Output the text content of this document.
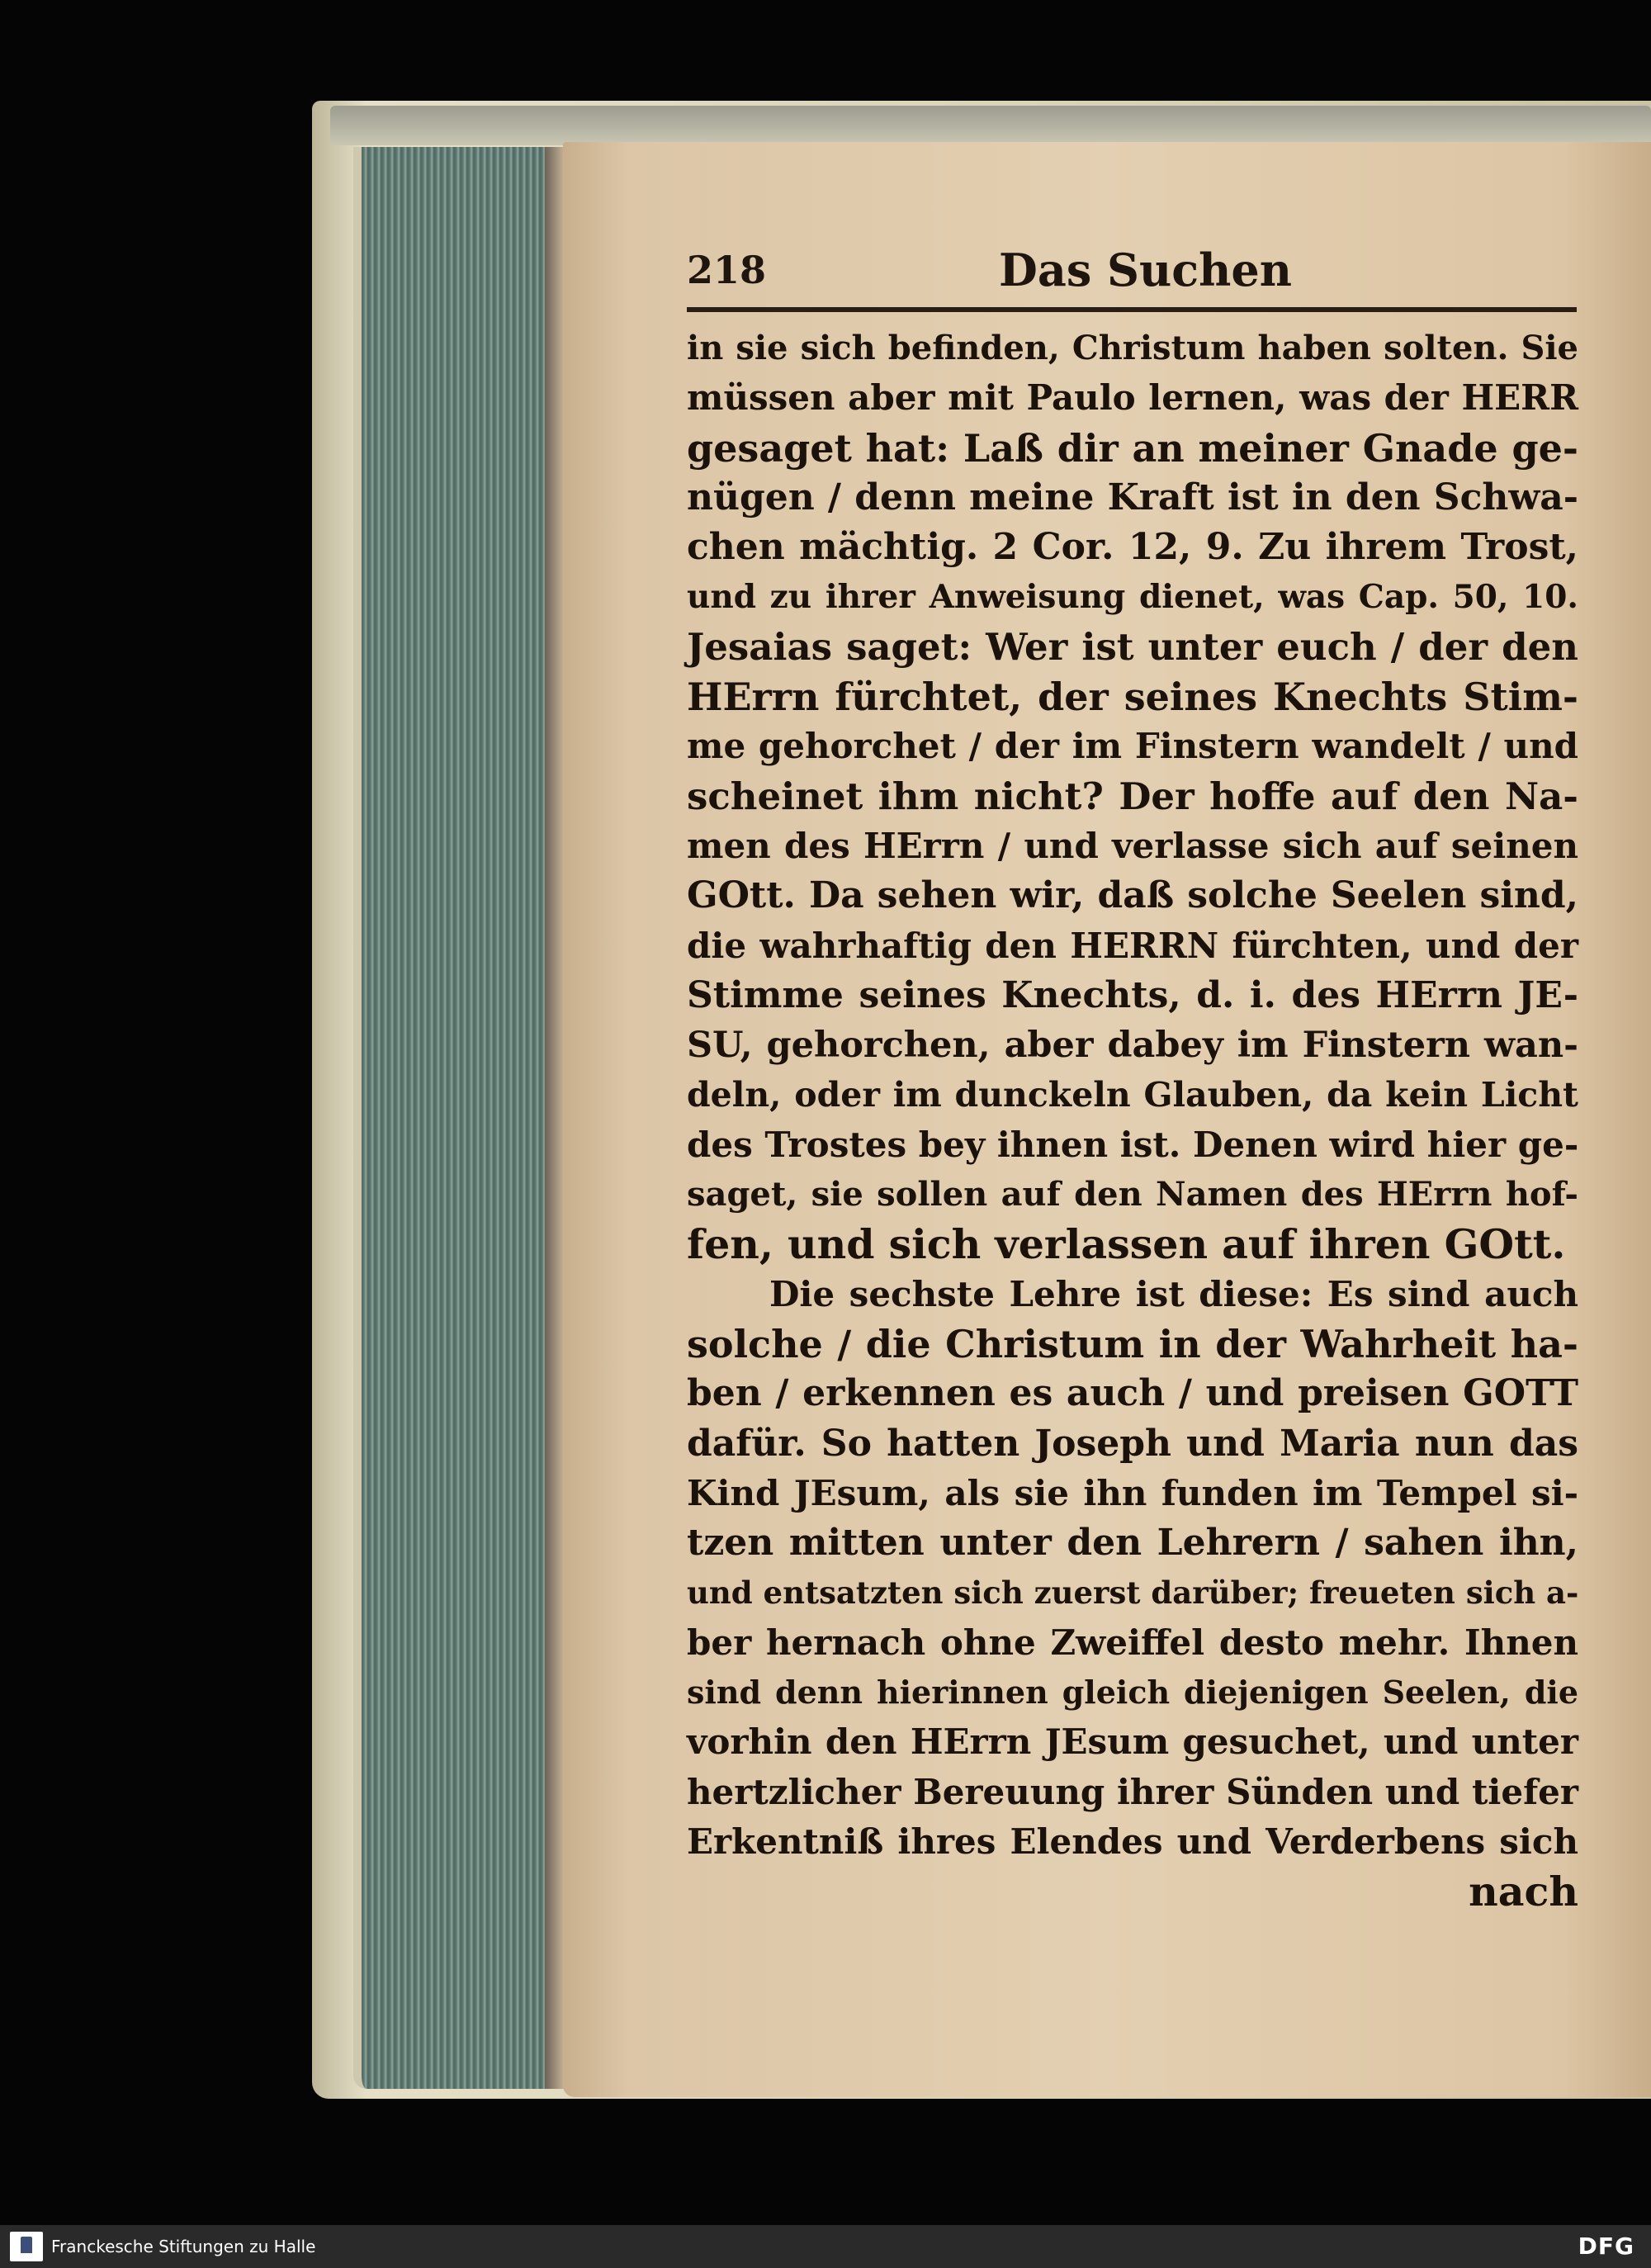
218	Das Suchen
in sie sich befinden, Christum haben solten. Sie
müssen aber mit Paulo lernen, was der HERR
gesaget hat: Laß dir an meiner Gnade ge-
nügen / denn meine Kraft ist in den Schwa-
chen mächtig. 2 Cor. 12, 9. Zu ihrem Trost,
und zu ihrer Anweisung dienet, was Cap. 50, 10.
Jesaias saget: Wer ist unter euch / der den
HErrn fürchtet, der seines Knechts Stim-
me gehorchet / der im Finstern wandelt / und
scheinet ihm nicht? Der hoffe auf den Na-
men des HErrn / und verlasse sich auf seinen
GOtt. Da sehen wir, daß solche Seelen sind,
die wahrhaftig den HERRN fürchten, und der
Stimme seines Knechts, d. i. des HErrn JE-
SU, gehorchen, aber dabey im Finstern wan-
deln, oder im dunckeln Glauben, da kein Licht
des Trostes bey ihnen ist. Denen wird hier ge-
saget, sie sollen auf den Namen des HErrn hof-
fen, und sich verlassen auf ihren GOtt.
Die sechste Lehre ist diese: Es sind auch
solche / die Christum in der Wahrheit ha-
ben / erkennen es auch / und preisen GOTT
dafür. So hatten Joseph und Maria nun das
Kind JEsum, als sie ihn funden im Tempel si-
tzen mitten unter den Lehrern / sahen ihn,
und entsatzten sich zuerst darüber; freueten sich a-
ber hernach ohne Zweiffel desto mehr. Ihnen
sind denn hierinnen gleich diejenigen Seelen, die
vorhin den HErrn JEsum gesuchet, und unter
hertzlicher Bereuung ihrer Sünden und tiefer
Erkentniß ihres Elendes und Verderbens sich
nach
Franckesche Stiftungen zu Halle	DFG
